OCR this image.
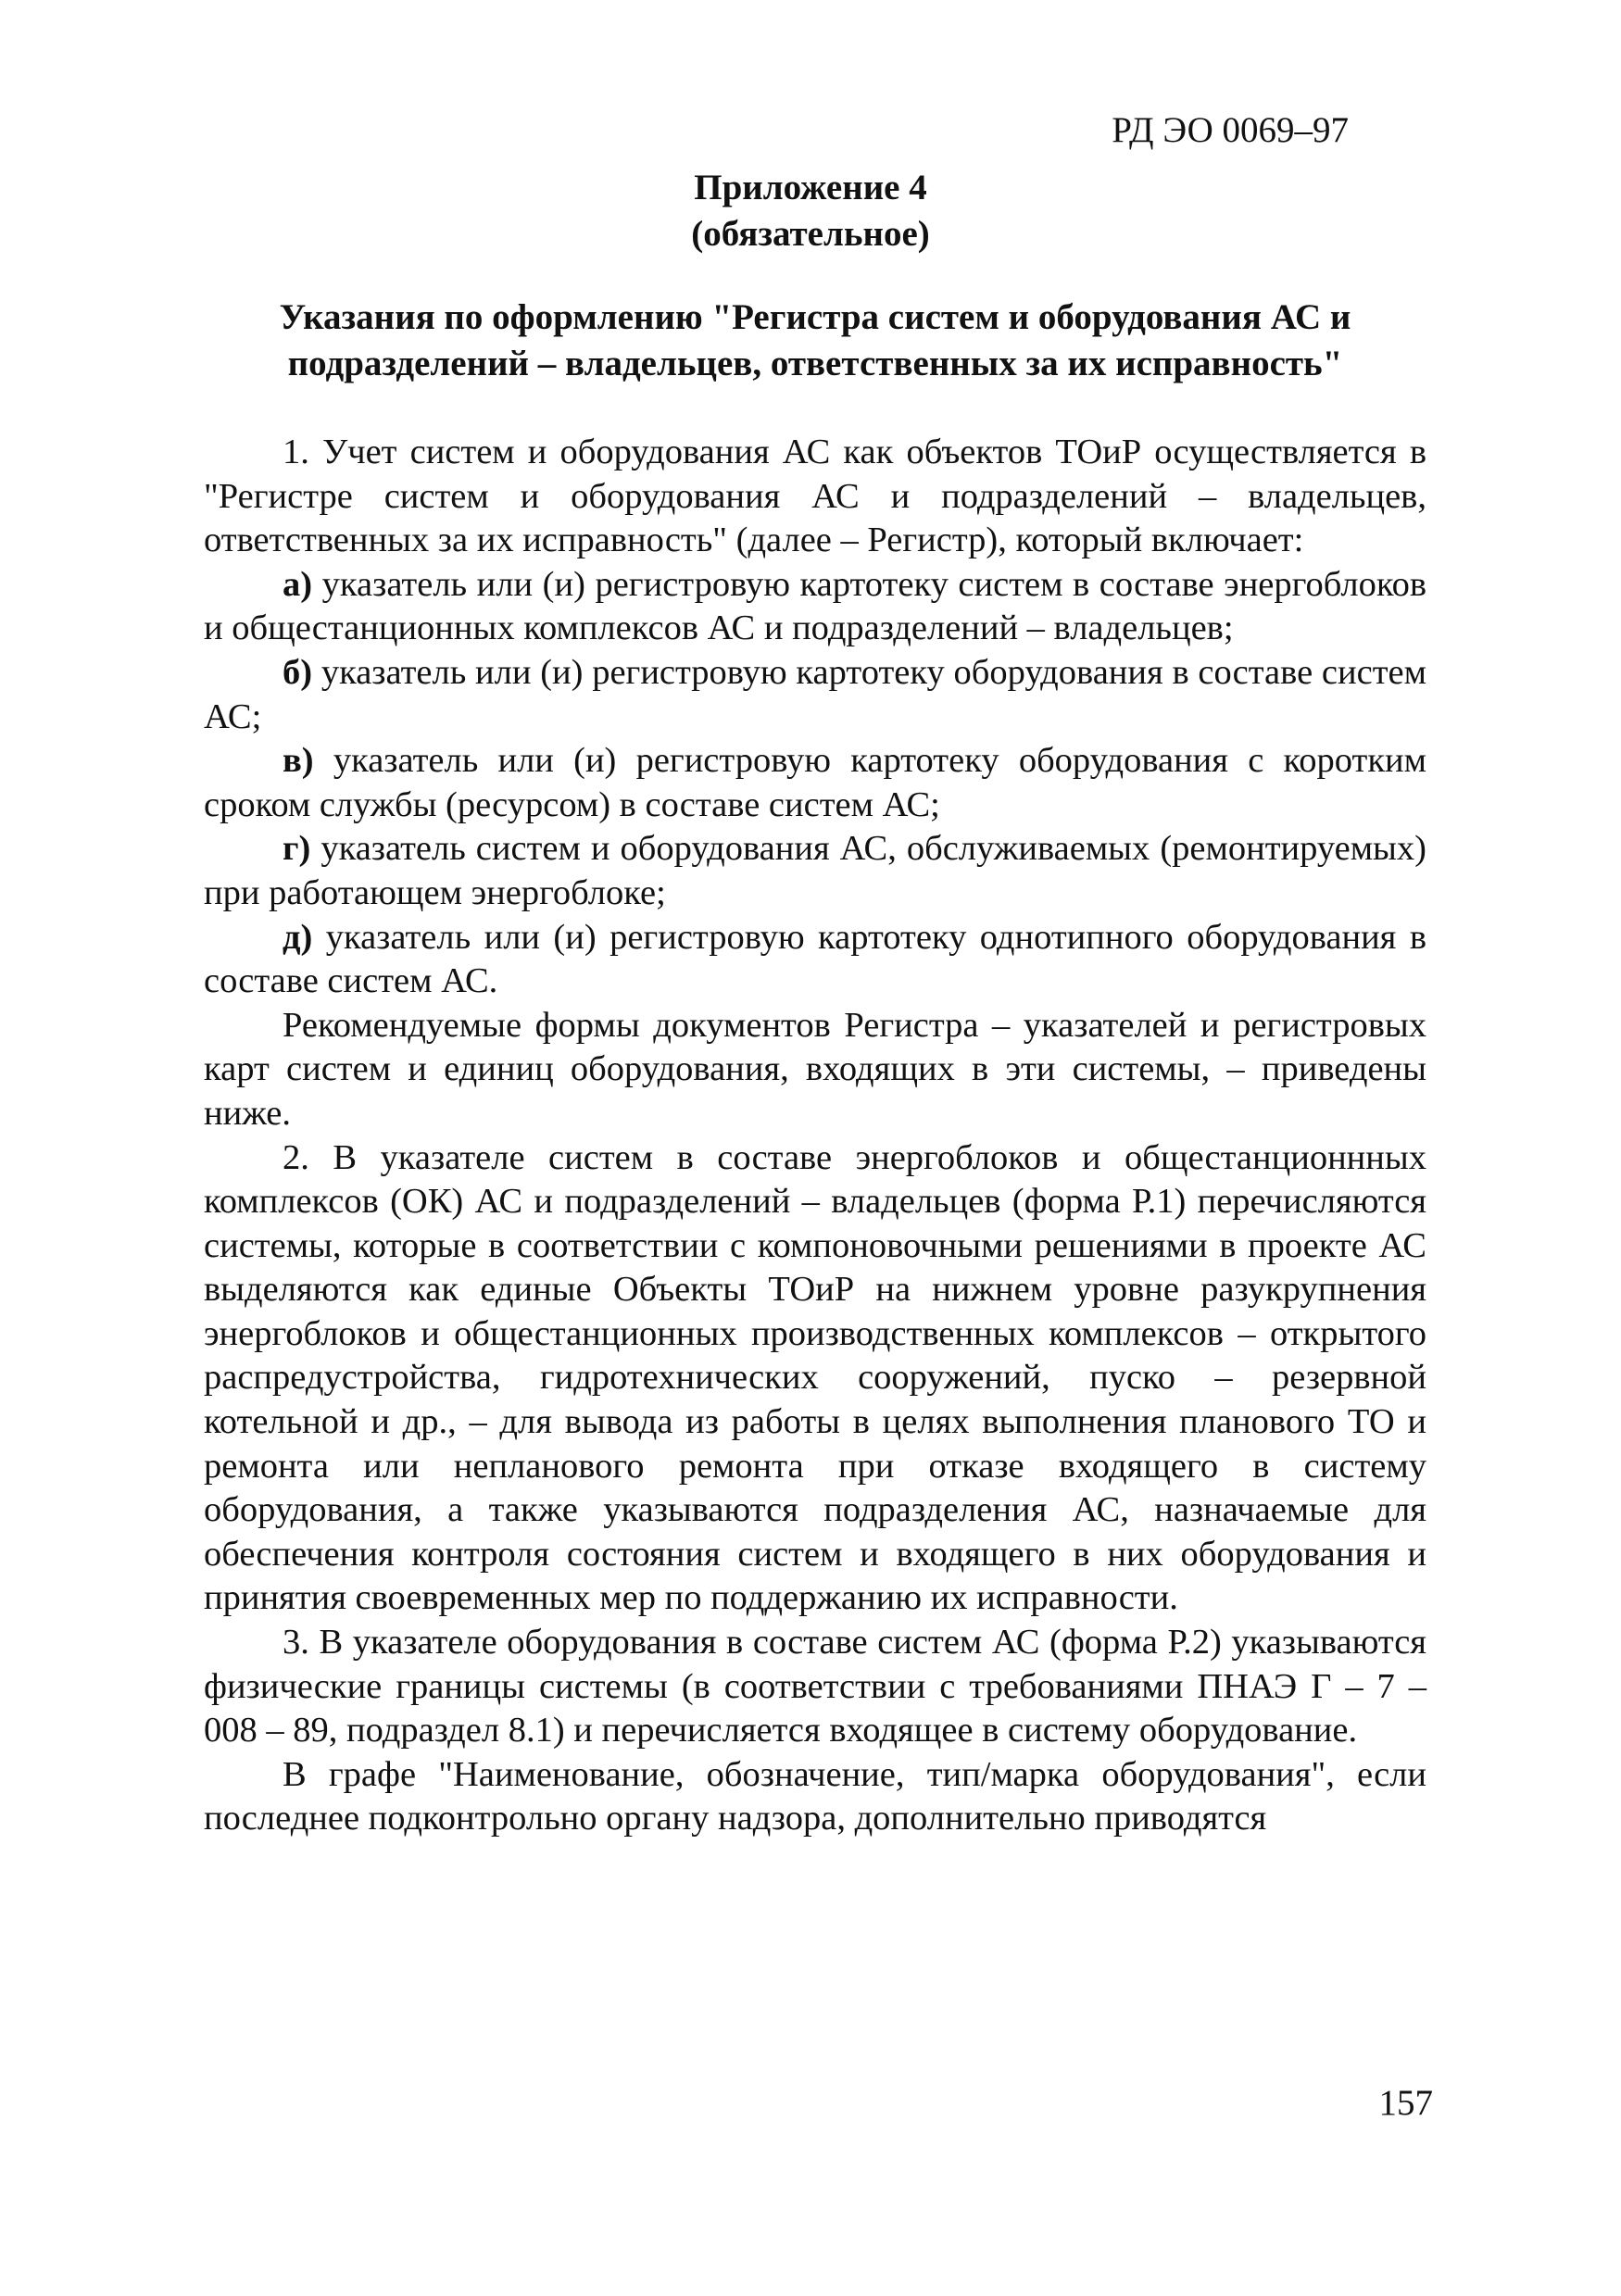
РД ЭО 0069–97
Приложение 4
(обязательное)
Указания по оформлению "Регистра систем и оборудования АС и
подразделений – владельцев, ответственных за их исправность"

1. Учет систем и оборудования АС как объектов ТОиР осуществляется в "Регистре систем и оборудования АС и подразделений – владельцев, ответственных за их исправность" (далее – Регистр), который включает:

а) указатель или (и) регистровую картотеку систем в составе энергоблоков и общестанционных комплексов АС и подразделений – владельцев;

б) указатель или (и) регистровую картотеку оборудования в составе систем АС;

в) указатель или (и) регистровую картотеку оборудования с коротким сроком службы (ресурсом) в составе систем АС;

г) указатель систем и оборудования АС, обслуживаемых (ремонтируемых) при работающем энергоблоке;

д) указатель или (и) регистровую картотеку однотипного оборудования в составе систем АС.

Рекомендуемые формы документов Регистра – указателей и регистровых карт систем и единиц оборудования, входящих в эти системы, – приведены ниже.

2. В указателе систем в составе энергоблоков и общестанционнных комплексов (ОК) АС и подразделений – владельцев (форма Р.1) перечисляются системы, которые в соответствии с компоновочными решениями в проекте АС выделяются как единые Объекты ТОиР на нижнем уровне разукрупнения энергоблоков и общестанционных производственных комплексов – открытого распредустройства, гидротехнических сооружений, пуско – резервной котельной и др., – для вывода из работы в целях выполнения планового ТО и ремонта или непланового ремонта при отказе входящего в систему оборудования, а также указываются подразделения АС, назначаемые для обеспечения контроля состояния систем и входящего в них оборудования и принятия своевременных мер по поддержанию их исправности.

3. В указателе оборудования в составе систем АС (форма Р.2) указываются физические границы системы (в соответствии с требованиями ПНАЭ Г – 7 – 008 – 89, подраздел 8.1) и перечисляется входящее в систему оборудование.

В графе "Наименование, обозначение, тип/марка оборудования", если последнее подконтрольно органу надзора, дополнительно приводятся

157
